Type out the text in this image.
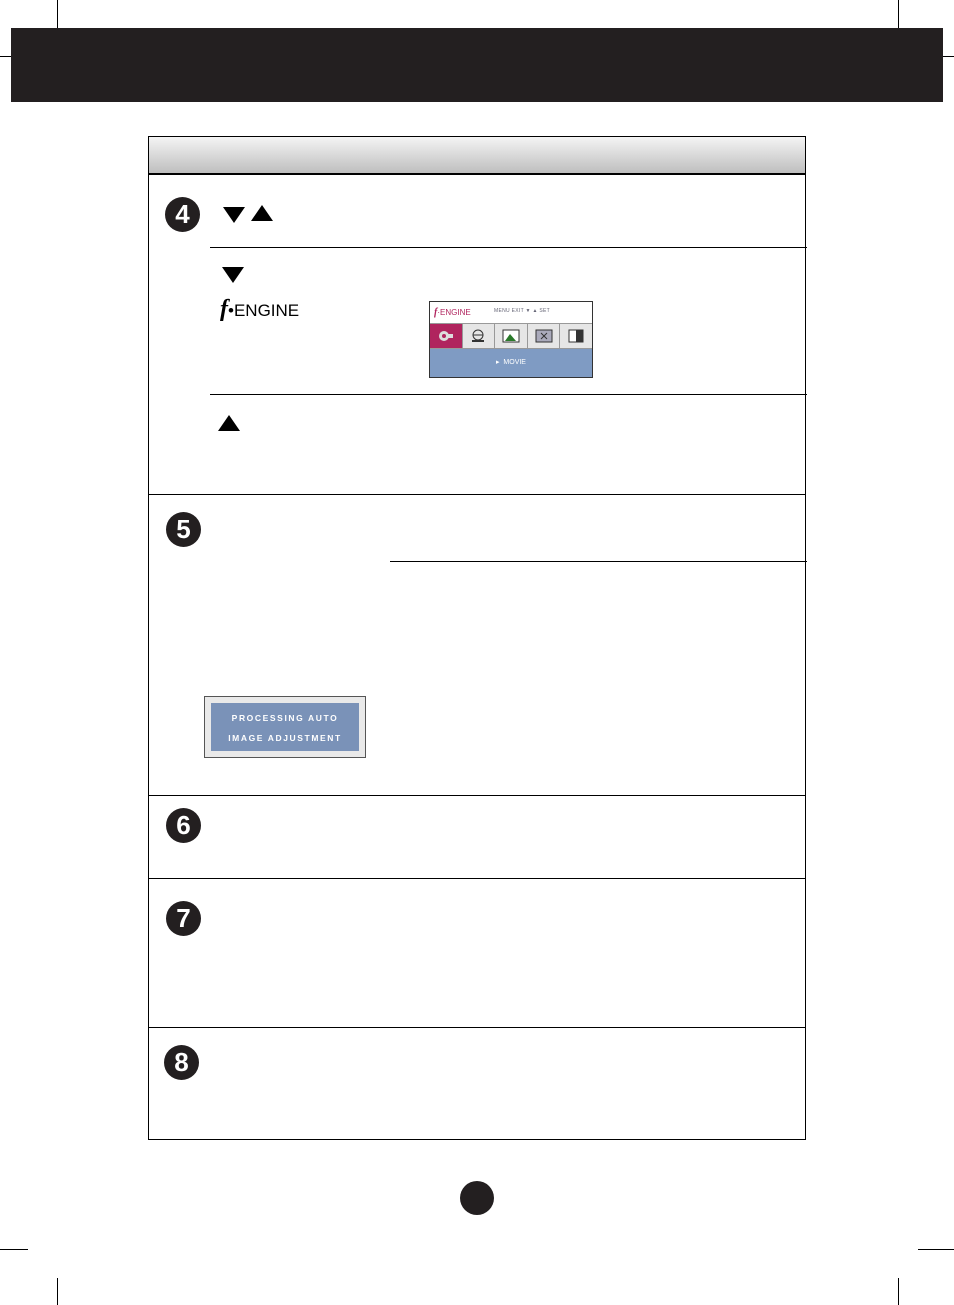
4
5
6
7
8
f•ENGINE	f·ENGINE	MENU EXIT ▼ ▲ SET
▸  MOVIE
PROCESSING AUTO
IMAGE ADJUSTMENT
